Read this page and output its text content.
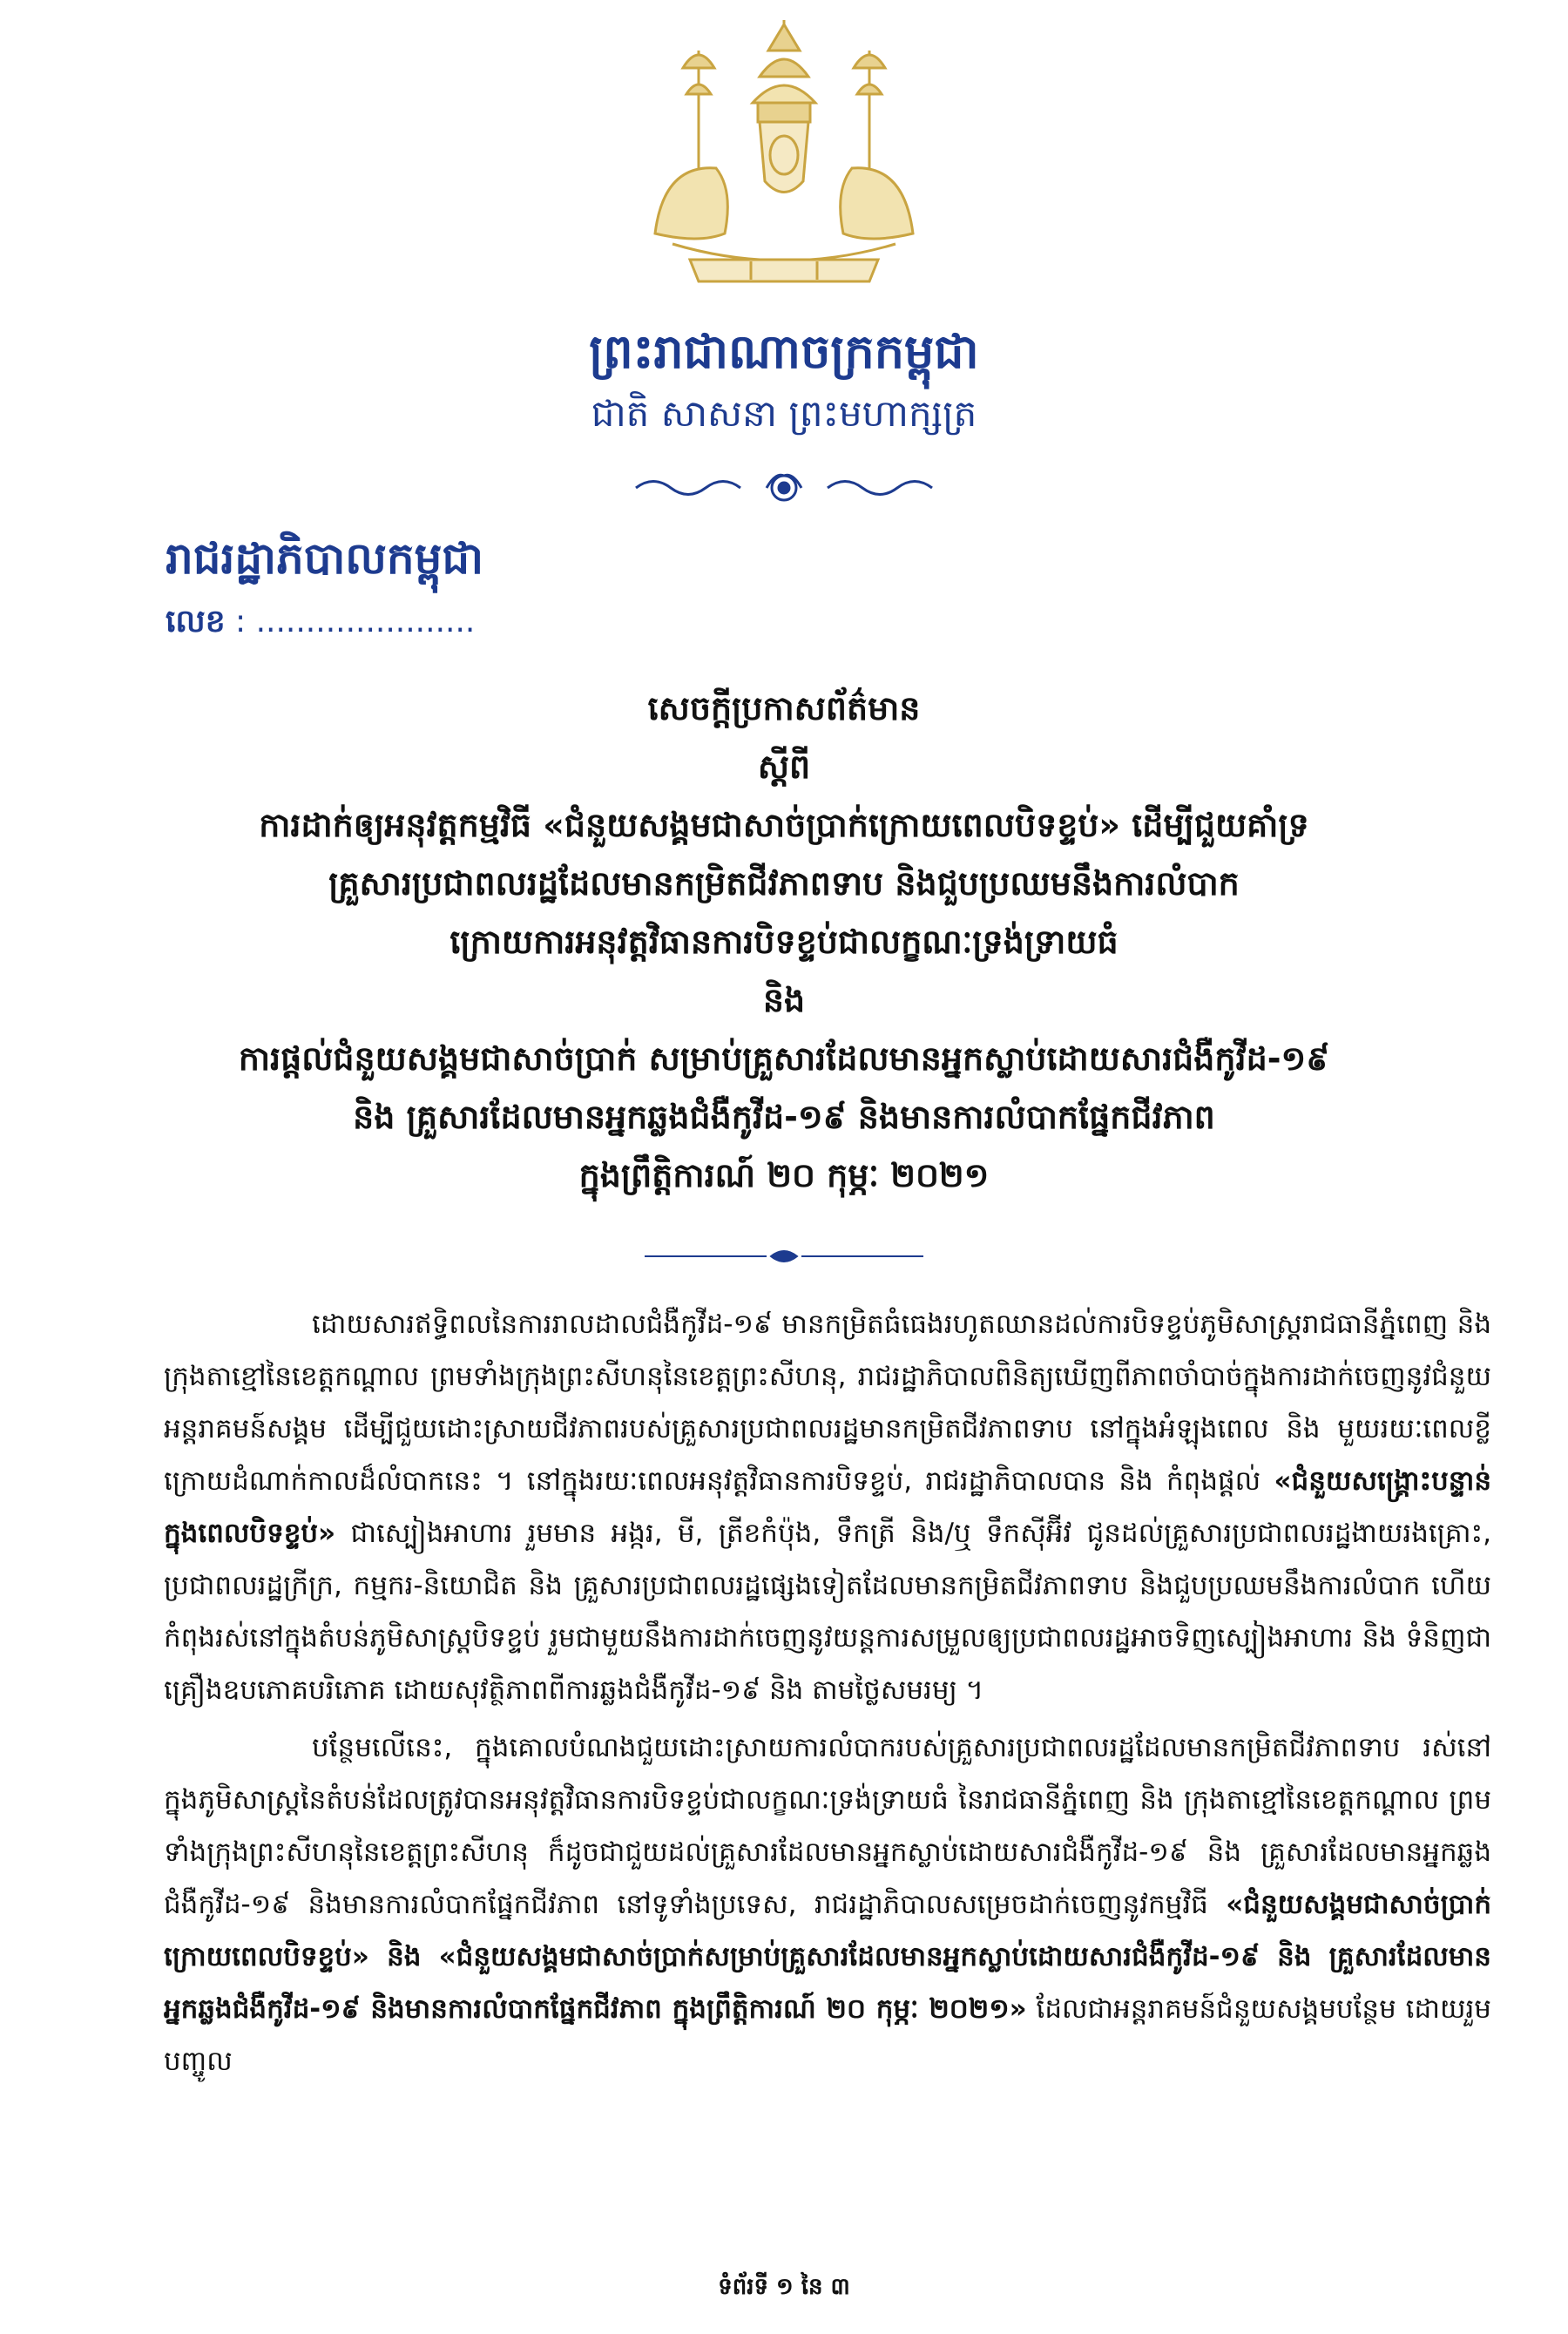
ព្រះរាជាណាចក្រកម្ពុជា
ជាតិ សាសនា ព្រះមហាក្សត្រ
រាជរដ្ឋាភិបាលកម្ពុជា
លេខ : ......................
សេចក្តីប្រកាសព័ត៌មាន
ស្តីពី
ការដាក់ឲ្យអនុវត្តកម្មវិធី «ជំនួយសង្គមជាសាច់ប្រាក់ក្រោយពេលបិទខ្ទប់» ដើម្បីជួយគាំទ្រ
គ្រួសារប្រជាពលរដ្ឋដែលមានកម្រិតជីវភាពទាប និងជួបប្រឈមនឹងការលំបាក
ក្រោយការអនុវត្តវិធានការបិទខ្ទប់ជាលក្ខណៈទ្រង់ទ្រាយធំ
និង
ការផ្តល់ជំនួយសង្គមជាសាច់ប្រាក់ សម្រាប់គ្រួសារដែលមានអ្នកស្លាប់ដោយសារជំងឺកូវីដ-១៩
និង គ្រួសារដែលមានអ្នកឆ្លងជំងឺកូវីដ-១៩ និងមានការលំបាកផ្នែកជីវភាព
ក្នុងព្រឹត្តិការណ៍ ២០ កុម្ភៈ ២០២១

ដោយសារឥទ្ធិពលនៃការរាលដាលជំងឺកូវីដ-១៩ មានកម្រិតធំធេងរហូតឈានដល់ការបិទខ្ទប់ភូមិសាស្ត្ររាជធានីភ្នំពេញ និង ក្រុងតាខ្មៅនៃខេត្តកណ្តាល ព្រមទាំងក្រុងព្រះសីហនុនៃខេត្តព្រះសីហនុ, រាជរដ្ឋាភិបាលពិនិត្យឃើញពីភាពចាំបាច់ក្នុងការដាក់ចេញនូវជំនួយអន្តរាគមន៍សង្គម ដើម្បីជួយដោះស្រាយជីវភាពរបស់គ្រួសារប្រជាពលរដ្ឋមានកម្រិតជីវភាពទាប នៅក្នុងអំឡុងពេល និង មួយរយៈពេលខ្លីក្រោយដំណាក់កាលដ៏លំបាកនេះ ។ នៅក្នុងរយៈពេលអនុវត្តវិធានការបិទខ្ទប់, រាជរដ្ឋាភិបាលបាន និង កំពុងផ្តល់ «ជំនួយសង្គ្រោះបន្ទាន់ក្នុងពេលបិទខ្ទប់» ជាស្បៀងអាហារ រួមមាន អង្ករ, មី, ត្រីខកំប៉ុង, ទឹកត្រី និង/ឬ ទឹកស៊ីអ៊ីវ ជូនដល់គ្រួសារប្រជាពលរដ្ឋងាយរងគ្រោះ, ប្រជាពលរដ្ឋក្រីក្រ, កម្មករ-និយោជិត និង គ្រួសារប្រជាពលរដ្ឋផ្សេងទៀតដែលមានកម្រិតជីវភាពទាប និងជួបប្រឈមនឹងការលំបាក ហើយកំពុងរស់នៅក្នុងតំបន់ភូមិសាស្ត្របិទខ្ទប់ រួមជាមួយនឹងការដាក់ចេញនូវយន្តការសម្រួលឲ្យប្រជាពលរដ្ឋអាចទិញស្បៀងអាហារ និង ទំនិញជាគ្រឿងឧបភោគបរិភោគ ដោយសុវត្ថិភាពពីការឆ្លងជំងឺកូវីដ-១៩ និង តាមថ្លៃសមរម្យ ។

បន្ថែមលើនេះ, ក្នុងគោលបំណងជួយដោះស្រាយការលំបាករបស់គ្រួសារប្រជាពលរដ្ឋដែលមានកម្រិតជីវភាពទាប រស់នៅក្នុងភូមិសាស្ត្រនៃតំបន់ដែលត្រូវបានអនុវត្តវិធានការបិទខ្ទប់ជាលក្ខណៈទ្រង់ទ្រាយធំ នៃរាជធានីភ្នំពេញ និង ក្រុងតាខ្មៅនៃខេត្តកណ្តាល ព្រមទាំងក្រុងព្រះសីហនុនៃខេត្តព្រះសីហនុ ក៏ដូចជាជួយដល់គ្រួសារដែលមានអ្នកស្លាប់ដោយសារជំងឺកូវីដ-១៩ និង គ្រួសារដែលមានអ្នកឆ្លងជំងឺកូវីដ-១៩ និងមានការលំបាកផ្នែកជីវភាព នៅទូទាំងប្រទេស, រាជរដ្ឋាភិបាលសម្រេចដាក់ចេញនូវកម្មវិធី «ជំនួយសង្គមជាសាច់ប្រាក់ក្រោយពេលបិទខ្ទប់» និង «ជំនួយសង្គមជាសាច់ប្រាក់សម្រាប់គ្រួសារដែលមានអ្នកស្លាប់ដោយសារជំងឺកូវីដ-១៩ និង គ្រួសារដែលមានអ្នកឆ្លងជំងឺកូវីដ-១៩ និងមានការលំបាកផ្នែកជីវភាព ក្នុងព្រឹត្តិការណ៍ ២០ កុម្ភៈ ២០២១» ដែលជាអន្តរាគមន៍ជំនួយសង្គមបន្ថែម ដោយរួមបញ្ចូល

ទំព័រទី ១ នៃ ៣
